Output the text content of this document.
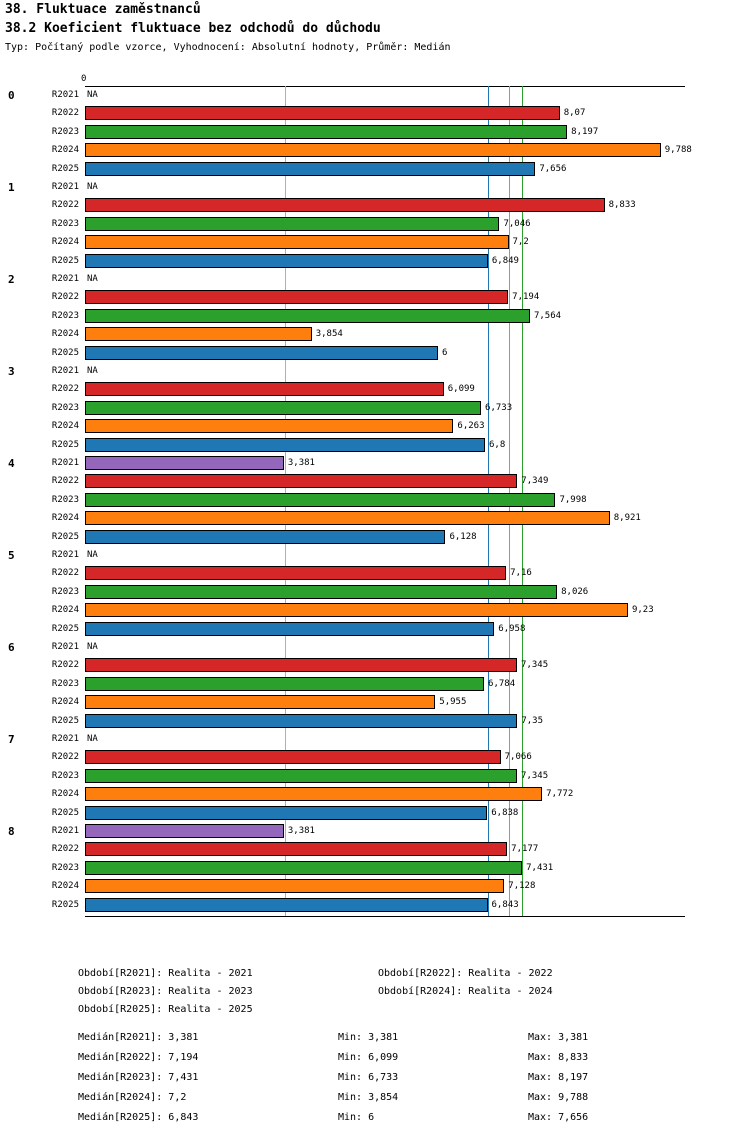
38. Fluktuace zaměstnanců
38.2 Koeficient fluktuace bez odchodů do důchodu
Typ: Počítaný podle vzorce, Vyhodnocení: Absolutní hodnoty, Průměr: Medián
0
0	R2021 NA
R2022	8,07
R2023	8,197
R2024	9,788
R2025	7,656
1	R2021 NA
R2022	8,833
R2023	7,046
R2024	7,2
R2025	6,849
2	R2021 NA
R2022	7,194
R2023	7,564
R2024	3,854
R2025	6
3	R2021 NA
R2022	6,099
R2023	6,733
R2024	6,263
R2025	6,8
4	R2021	3,381
R2022	7,349
R2023	7,998
R2024	8,921
R2025	6,128
5	R2021 NA
R2022	7,16
R2023	8,026
R2024	9,23
R2025	6,958
6	R2021 NA
R2022	7,345
R2023	6,784
R2024	5,955
R2025	7,35
7	R2021 NA
R2022	7,066
R2023	7,345
R2024	7,772
R2025	6,838
8	R2021	3,381
R2022	7,177
R2023	7,431
R2024	7,128
R2025	6,843
Období[R2021]: Realita - 2021	Období[R2022]: Realita - 2022
Období[R2023]: Realita - 2023	Období[R2024]: Realita - 2024
Období[R2025]: Realita - 2025
Medián[R2021]: 3,381	Min: 3,381	Max: 3,381
Medián[R2022]: 7,194	Min: 6,099	Max: 8,833
Medián[R2023]: 7,431	Min: 6,733	Max: 8,197
Medián[R2024]: 7,2	Min: 3,854	Max: 9,788
Medián[R2025]: 6,843	Min: 6	Max: 7,656
